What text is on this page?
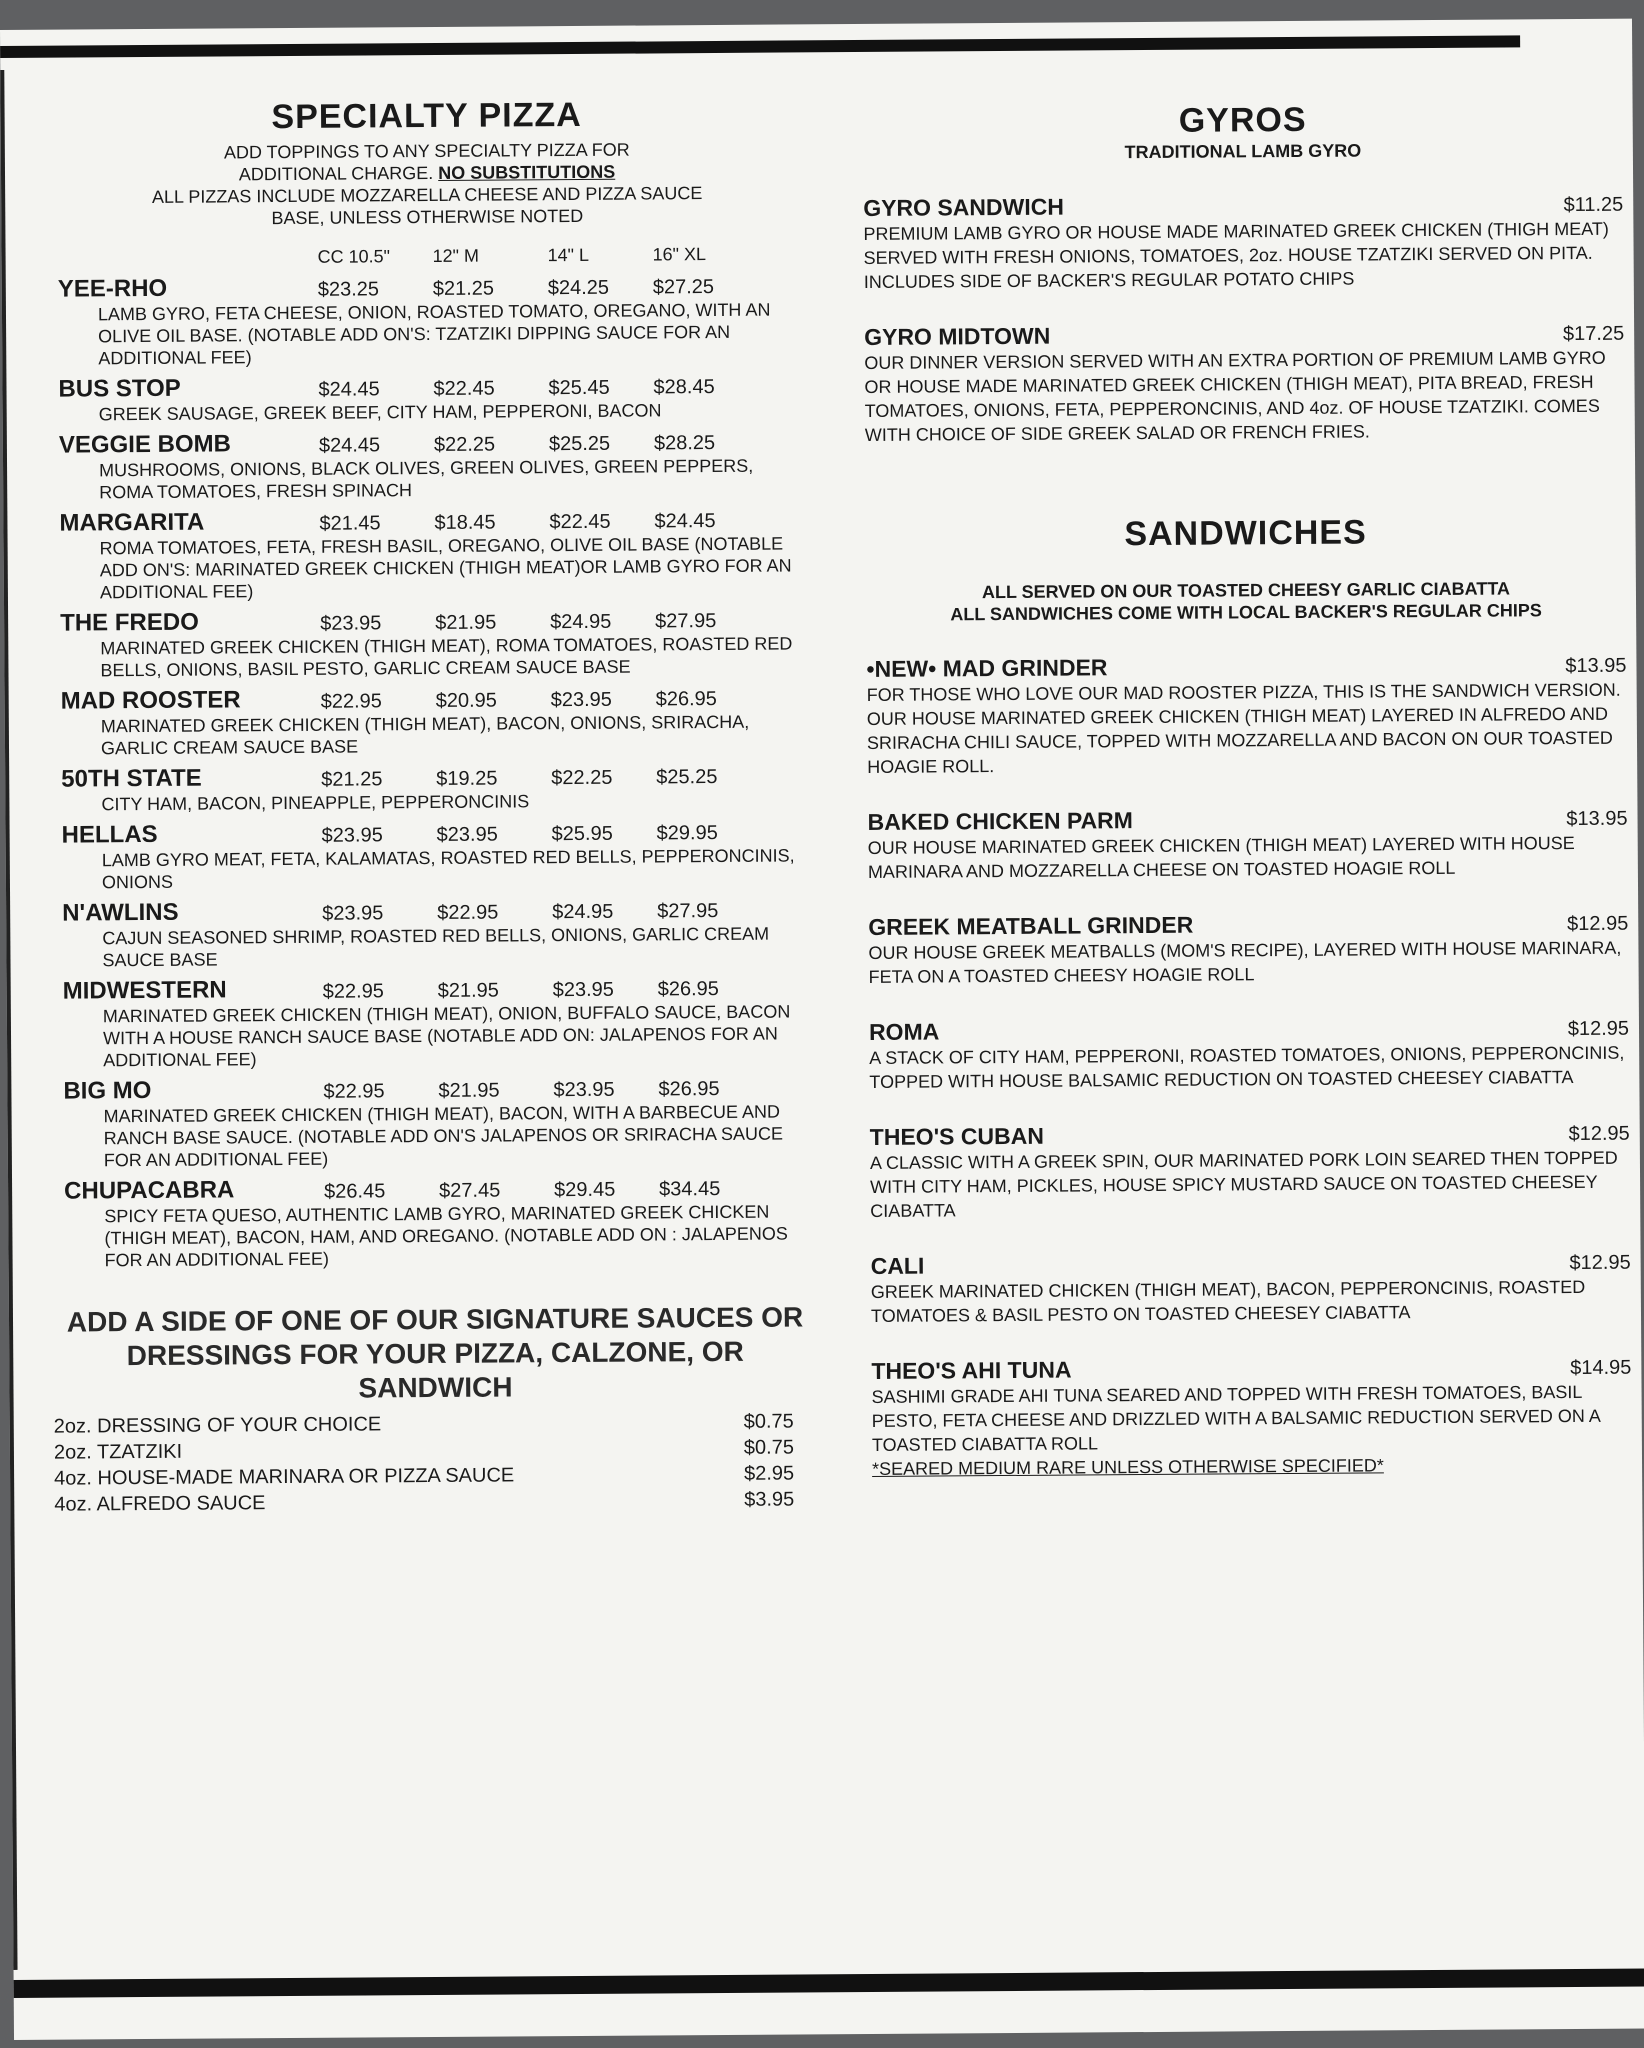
SPECIALTY PIZZA
ADD TOPPINGS TO ANY SPECIALTY PIZZA FOR
ADDITIONAL CHARGE. NO SUBSTITUTIONS
ALL PIZZAS INCLUDE MOZZARELLA CHEESE AND PIZZA SAUCE
BASE, UNLESS OTHERWISE NOTED
CC 10.5"	12" M	14" L	16" XL
YEE-RHO	$23.25	$21.25	$24.25	$27.25
LAMB GYRO, FETA CHEESE, ONION, ROASTED TOMATO, OREGANO, WITH AN OLIVE OIL BASE. (NOTABLE ADD ON'S: TZATZIKI DIPPING SAUCE FOR AN ADDITIONAL FEE)
BUS STOP	$24.45	$22.45	$25.45	$28.45
GREEK SAUSAGE, GREEK BEEF, CITY HAM, PEPPERONI, BACON
VEGGIE BOMB	$24.45	$22.25	$25.25	$28.25
MUSHROOMS, ONIONS, BLACK OLIVES, GREEN OLIVES, GREEN PEPPERS, ROMA TOMATOES, FRESH SPINACH
MARGARITA	$21.45	$18.45	$22.45	$24.45
ROMA TOMATOES, FETA, FRESH BASIL, OREGANO, OLIVE OIL BASE (NOTABLE ADD ON'S: MARINATED GREEK CHICKEN (THIGH MEAT)OR LAMB GYRO FOR AN ADDITIONAL FEE)
THE FREDO	$23.95	$21.95	$24.95	$27.95
MARINATED GREEK CHICKEN (THIGH MEAT), ROMA TOMATOES, ROASTED RED BELLS, ONIONS, BASIL PESTO, GARLIC CREAM SAUCE BASE
MAD ROOSTER	$22.95	$20.95	$23.95	$26.95
MARINATED GREEK CHICKEN (THIGH MEAT), BACON, ONIONS, SRIRACHA, GARLIC CREAM SAUCE BASE
50TH STATE	$21.25	$19.25	$22.25	$25.25
CITY HAM, BACON, PINEAPPLE, PEPPERONCINIS
HELLAS	$23.95	$23.95	$25.95	$29.95
LAMB GYRO MEAT, FETA, KALAMATAS, ROASTED RED BELLS, PEPPERONCINIS, ONIONS
N'AWLINS	$23.95	$22.95	$24.95	$27.95
CAJUN SEASONED SHRIMP, ROASTED RED BELLS, ONIONS, GARLIC CREAM SAUCE BASE
MIDWESTERN	$22.95	$21.95	$23.95	$26.95
MARINATED GREEK CHICKEN (THIGH MEAT), ONION, BUFFALO SAUCE, BACON WITH A HOUSE RANCH SAUCE BASE (NOTABLE ADD ON: JALAPENOS FOR AN ADDITIONAL FEE)
BIG MO	$22.95	$21.95	$23.95	$26.95
MARINATED GREEK CHICKEN (THIGH MEAT), BACON, WITH A BARBECUE AND RANCH BASE SAUCE. (NOTABLE ADD ON'S JALAPENOS OR SRIRACHA SAUCE FOR AN ADDITIONAL FEE)
CHUPACABRA	$26.45	$27.45	$29.45	$34.45
SPICY FETA QUESO, AUTHENTIC LAMB GYRO, MARINATED GREEK CHICKEN (THIGH MEAT), BACON, HAM, AND OREGANO. (NOTABLE ADD ON : JALAPENOS FOR AN ADDITIONAL FEE)
ADD A SIDE OF ONE OF OUR SIGNATURE SAUCES OR DRESSINGS FOR YOUR PIZZA, CALZONE, OR SANDWICH
2oz. DRESSING OF YOUR CHOICE	$0.75
2oz. TZATZIKI	$0.75
4oz. HOUSE-MADE MARINARA OR PIZZA SAUCE	$2.95
4oz. ALFREDO SAUCE	$3.95
GYROS
TRADITIONAL LAMB GYRO
GYRO SANDWICH	$11.25
PREMIUM LAMB GYRO OR HOUSE MADE MARINATED GREEK CHICKEN (THIGH MEAT) SERVED WITH FRESH ONIONS, TOMATOES, 2oz. HOUSE TZATZIKI SERVED ON PITA. INCLUDES SIDE OF BACKER'S REGULAR POTATO CHIPS
GYRO MIDTOWN	$17.25
OUR DINNER VERSION SERVED WITH AN EXTRA PORTION OF PREMIUM LAMB GYRO OR HOUSE MADE MARINATED GREEK CHICKEN (THIGH MEAT), PITA BREAD, FRESH TOMATOES, ONIONS, FETA, PEPPERONCINIS, AND 4oz. OF HOUSE TZATZIKI. COMES WITH CHOICE OF SIDE GREEK SALAD OR FRENCH FRIES.
SANDWICHES
ALL SERVED ON OUR TOASTED CHEESY GARLIC CIABATTA
ALL SANDWICHES COME WITH LOCAL BACKER'S REGULAR CHIPS
•NEW• MAD GRINDER	$13.95
FOR THOSE WHO LOVE OUR MAD ROOSTER PIZZA, THIS IS THE SANDWICH VERSION. OUR HOUSE MARINATED GREEK CHICKEN (THIGH MEAT) LAYERED IN ALFREDO AND SRIRACHA CHILI SAUCE, TOPPED WITH MOZZARELLA AND BACON ON OUR TOASTED HOAGIE ROLL.
BAKED CHICKEN PARM	$13.95
OUR HOUSE MARINATED GREEK CHICKEN (THIGH MEAT) LAYERED WITH HOUSE MARINARA AND MOZZARELLA CHEESE ON TOASTED HOAGIE ROLL
GREEK MEATBALL GRINDER	$12.95
OUR HOUSE GREEK MEATBALLS (MOM'S RECIPE), LAYERED WITH HOUSE MARINARA, FETA ON A TOASTED CHEESY HOAGIE ROLL
ROMA	$12.95
A STACK OF CITY HAM, PEPPERONI, ROASTED TOMATOES, ONIONS, PEPPERONCINIS, TOPPED WITH HOUSE BALSAMIC REDUCTION ON TOASTED CHEESEY CIABATTA
THEO'S CUBAN	$12.95
A CLASSIC WITH A GREEK SPIN, OUR MARINATED PORK LOIN SEARED THEN TOPPED WITH CITY HAM, PICKLES, HOUSE SPICY MUSTARD SAUCE ON TOASTED CHEESEY CIABATTA
CALI	$12.95
GREEK MARINATED CHICKEN (THIGH MEAT), BACON, PEPPERONCINIS, ROASTED TOMATOES & BASIL PESTO ON TOASTED CHEESEY CIABATTA
THEO'S AHI TUNA	$14.95
SASHIMI GRADE AHI TUNA SEARED AND TOPPED WITH FRESH TOMATOES, BASIL PESTO, FETA CHEESE AND DRIZZLED WITH A BALSAMIC REDUCTION SERVED ON A TOASTED CIABATTA ROLL
*SEARED MEDIUM RARE UNLESS OTHERWISE SPECIFIED*
